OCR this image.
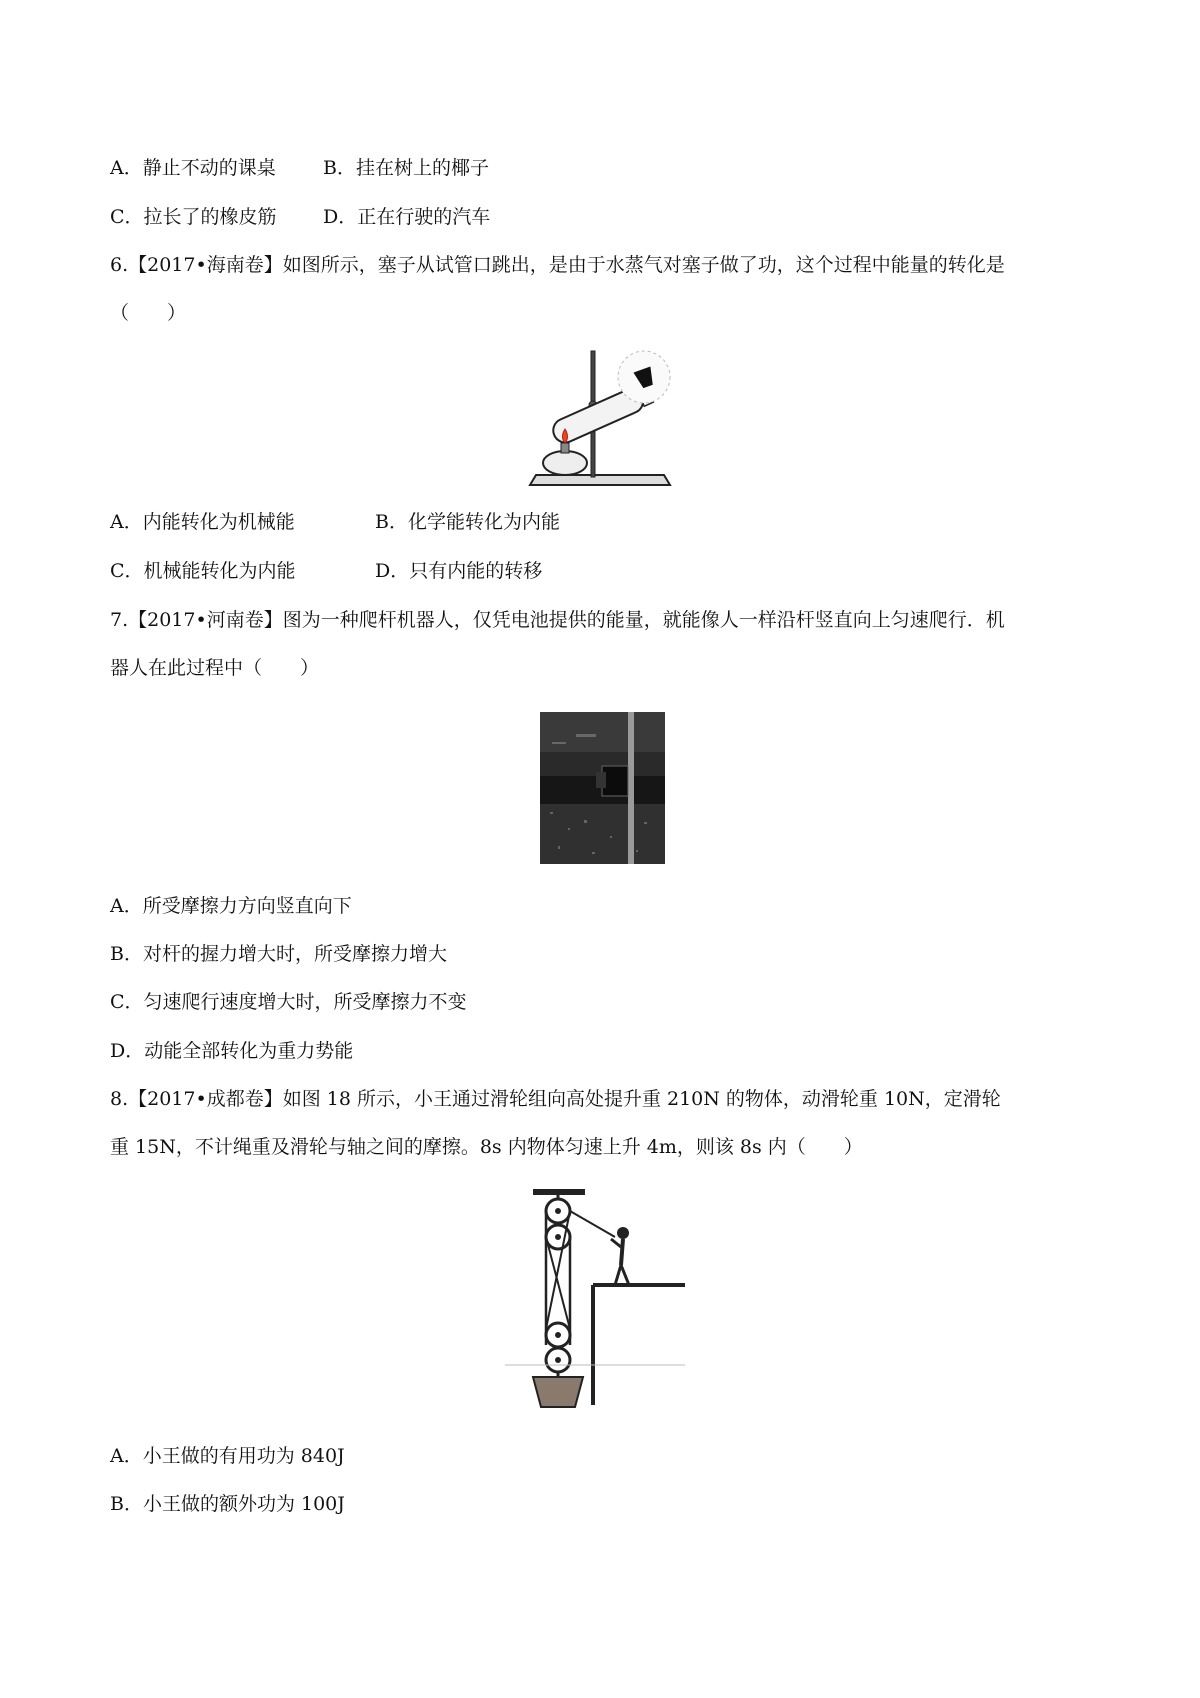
A．静止不动的课桌 B．挂在树上的椰子
C．拉长了的橡皮筋 D．正在行驶的汽车
6.【2017•海南卷】如图所示，塞子从试管口跳出，是由于水蒸气对塞子做了功，这个过程中能量的转化是
（　　）
A．内能转化为机械能	B．化学能转化为内能
C．机械能转化为内能	D．只有内能的转移
7.【2017•河南卷】图为一种爬杆机器人，仅凭电池提供的能量，就能像人一样沿杆竖直向上匀速爬行．机
器人在此过程中（　　）
A．所受摩擦力方向竖直向下
B．对杆的握力增大时，所受摩擦力增大
C．匀速爬行速度增大时，所受摩擦力不变
D．动能全部转化为重力势能
8.【2017•成都卷】如图 18 所示，小王通过滑轮组向高处提升重 210N 的物体，动滑轮重 10N，定滑轮
重 15N，不计绳重及滑轮与轴之间的摩擦。8s 内物体匀速上升 4m，则该 8s 内（　　）
A．小王做的有用功为 840J
B．小王做的额外功为 100J
